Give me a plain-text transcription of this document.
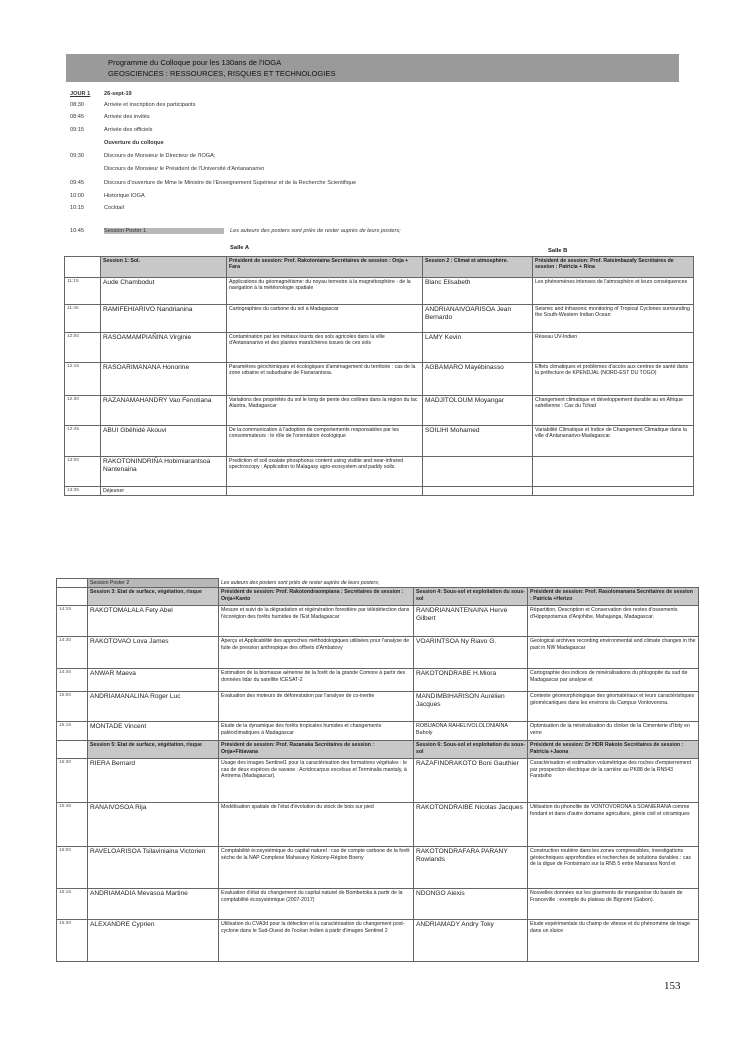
Programme du Colloque pour les 130ans de l'IOGA
GEOSCIENCES : RESSOURCES, RISQUES ET TECHNOLOGIES
JOUR 1 26-sept-19
08:30	Arrivée et inscription des participants
08:45	Arrivée des invités
09:15	Arrivée des officiels
Ouverture du colloque
09:30	Discours de Monsieur le Directeur de l'IOGA;
Discours de Monsieur le Président de l'Université d'Antananarivo
09:45	Discours d'ouverture de Mme le Ministre de l'Enseignement Supérieur et de la Recherche Scientifique
10:00	Historique IOGA
10:15	Cocktail
10:45	Session Poster 1	Les auteurs des posters sont priés de rester auprès de leurs posters;
Salle A	Salle B
	Session 1: Sol.	Président de session: Prof. Rakotoniaina Secrétaires de session : Onja + Fara	Session 2 : Climat et atmosphère.	Président de session: Prof. Ratsimbazafy Secrétaires de session : Patricia + Rina
11:15	Aude Chambodut	Applications du géomagnétisme: du noyau terrestre à la magnétosphère - de la navigation à la météorologie spatiale	Blanc Elisabeth	Les phénomènes intenses de l'atmosphère et leurs conséquences
11:45	RAMIFEHIARIVO Nandrianina	Cartographies du carbone du sol à Madagascar	ANDRIANAIVOARISOA Jean Bernardo	Seismic and Infrasonic monitoring of Tropical Cyclones surrounding the South-Western Indian Ocean
12:00	RASOAMAMPIAÑINA Virginie	Contamination par les métaux lourds des sols agricoles dans la ville d'Antananarivo et des plantes maraîchères issues de ces sols	LAMY Kevin	Réseau UV-Indien
12:15	RASOARIMANANA Honorine	Paramètres géochimiques et écologiques d'aménagement du territoire : cas de la zone urbaine et suburbaine de Fianarantsoa.	AGBAMARO Mayébinasso	Effets climatiques et problèmes d'accès aux centres de santé dans la préfecture de KPENDJAL (NORD-EST DU TOGO)
12:30	RAZANAMAHANDRY Vao Fenotiana	Variations des propriétés du sol le long de pente des collines dans la région du lac Alaotra, Madagascar	MADJITOLOUM Moyangar	Changement climatique et développement durable au en Afrique sahélienne : Cas du Tchad
12:45	ABUI Gbêhidé Akouvi	De la communication à l'adoption de comportements responsables par les consommateurs : le rôle de l'orientation écologique	SOILIHI Mohamed	Variabilité Climatique et Indice de Changement Climatique dans la ville d'Antananarivo-Madagascar
13:00	RAKOTONINDRIÑA Hobimiarantsoa Nantenaina	Prediction of soil oxalate phosphorus content using visible and near-infrared spectroscopy : Application to Malagasy agro-ecosystem and paddy soils.		
13:35	Déjeuner			
	Session Poster 2	Les auteurs des posters sont priés de rester auprès de leurs posters;		
	Session 3: Etat de surface, végétation, risque	Président de session: Prof. Rakotondraompiana ; Secrétaires de session : Onja+Kanto	Session 4: Sous-sol et exploitation du sous-sol	Président de session: Prof. Rasolomanana Secrétaires de session : Patricia +Herizo
14:15	RAKOTOMALALA Fety Abel	Mesure et suivi de la dégradation et régénération forestière par télédétection dans l'écorégion des forêts humides de l'Est Madagascar	RANDRIANANTENAINA Hervé Gilbert	Répartition, Description et Conservation des restes d'ossements d'Hippopotamus d'Anjohibe, Mahajanga, Madagascar.
14:30	RAKOTOVAO Lova James	Aperçu et Applicabilité des approches méthodologiques utilisées pour l'analyse de fuite de pression anthropique des offsets d'Ambatovy	VOARINTSOA Ny Riavo G.	Geological archives recording environmental and climate changes in the past in NW Madagascar
14:45	ANWAR Maeva	Estimation de la biomasse aérienne de la forêt de la grande Comore à partir des données lidar du satellite ICESAT-2	RAKOTONDRABE H.Miora	Cartographie des indices de minéralisations du phlogopite du sud de Madagascar par analyse et
15:00	ANDRIAMANALINA Roger Luc	Evaluation des moteurs de déforestation par l'analyse de co-inertie	MANDIMBIHARISON Aurélien Jacques	Contexte géomorphologique des géomatériaux et leurs caractéristiques géomécaniques dans les environs du Campus Vontovorona.
15:15	MONTADE Vincent	Etude de la dynamique des forêts tropicales humides et changements paléoclimatiques à Madagascar	ROBIJAONA RAHELIVOLOLONIAINA Baholy	Optimisation de la minéralisation du clinker de la Cimenterie d'Ibity en verre
	Session 5: Etat de surface, végétation, risque	Président de session: Prof. Razanaka Secrétaires de session : Onja+Fitiavana	Session 6: Sous-sol et exploitation du sous-sol	Président de session: Dr HDR Rakoto Secrétaires de session : Patricia +Jaona
15:30	RIERA Bernard	Usage des images Sentinel1 pour la caractérisation des formations végétales : le cas de deux espèces de savane : Acridocarpus excelsus et Terminalia mantaly, à Antrema (Madagascar).	RAZAFINDRAKOTO Boni Gauthier	Caractérisation et estimation volumétrique des roches d'empierrement par prospection électrique de la carrière au PK88 de la RN543 Faratsiho
15:45	RANAIVOSOA Rija	Modélisation spatiale de l'état d'évolution du stock de bois sur pied	RAKOTONDRAIBE Nicolas Jacques	Utilisation du phonolite de VONTOVORONA à SOANIERANA comme fondant et dans d'autre domaine agriculture, génie civil et céramiques
16:00	RAVELOARISOA Tsilaviniaina Victorien	Comptabilité écosystémique du capital naturel : cas de compte carbone de la forêt sèche de la NAP Complexe Mahavavy Kinkony-Région Boeny	RAKOTONDRAFARA PARANY Rowlands	Construction routière dans les zones compressibles, investigations géotechniques approfondies et recherches de solutions durables : cas de la digue de Fontsimaro sur la RN5 5 entre Manarara Nord et
16:15	ANDRIAMADIA Mevasoa Martine	Evaluation d'état du changement du capital naturel de Bombetoka à partir de la comptabilité écosystémique (2007-2017)	NDONGO Alexis	Nouvelles données sur les gisements de manganèse du bassin de Franceville : exemple du plateau de Bignomi (Gabon).
16:30	ALEXANDRE Cyprien	Utilisation du CVA3d pour la détection et la caractérisation du changement post-cyclone dans le Sud-Ouest de l'océan Indien à partir d'images Sentinel 2	ANDRIAMADY Andry Toky	Etude expérimentale du champ de vitesse et du phénomène de triage dans un sluice
153
